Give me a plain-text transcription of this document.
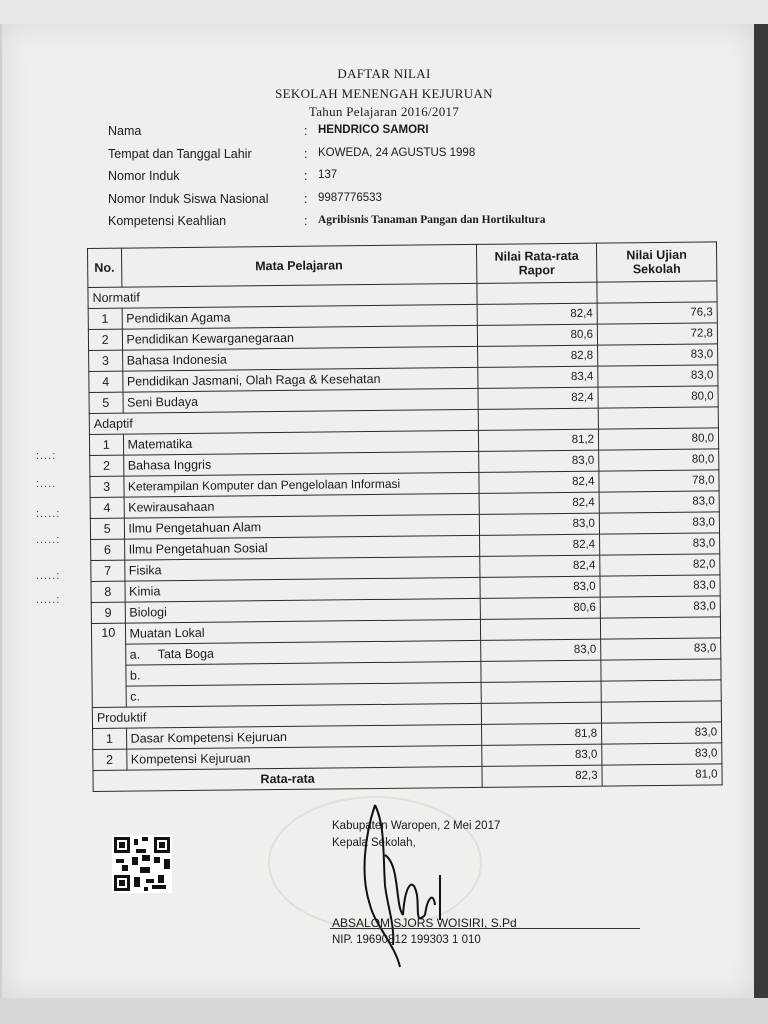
DAFTAR NILAI
SEKOLAH MENENGAH KEJURUAN
Tahun Pelajaran 2016/2017
Nama	: HENDRICO SAMORI
Tempat dan Tanggal Lahir	: KOWEDA, 24 AGUSTUS 1998
Nomor Induk	: 137
Nomor Induk Siswa Nasional	: 9987776533
Kompetensi Keahlian	: Agribisnis Tanaman Pangan dan Hortikultura
No.	Mata Pelajaran	Nilai Rata-rata Rapor	Nilai Ujian Sekolah
Normatif			
1	Pendidikan Agama	82,4	76,3
2	Pendidikan Kewarganegaraan	80,6	72,8
3	Bahasa Indonesia	82,8	83,0
4	Pendidikan Jasmani, Olah Raga & Kesehatan	83,4	83,0
5	Seni Budaya	82,4	80,0
Adaptif			
1	Matematika	81,2	80,0
2	Bahasa Inggris	83,0	80,0
3	Keterampilan Komputer dan Pengelolaan Informasi	82,4	78,0
4	Kewirausahaan	82,4	83,0
5	Ilmu Pengetahuan Alam	83,0	83,0
6	Ilmu Pengetahuan Sosial	82,4	83,0
7	Fisika	82,4	82,0
8	Kimia	83,0	83,0
9	Biologi	80,6	83,0
10	Muatan Lokal		
	a. Tata Boga	83,0	83,0
	b.		
	c.		
Produktif			
1	Dasar Kompetensi Kejuruan	81,8	83,0
2	Kompetensi Kejuruan	83,0	83,0
Rata-rata		82,3	81,0
:...:
:....
:....:
.....:
.....:
.....:
Kabupaten Waropen, 2 Mei 2017
Kepala Sekolah,
ABSALOM SJORS WOISIRI, S.Pd
NIP. 19690812 199303 1 010
